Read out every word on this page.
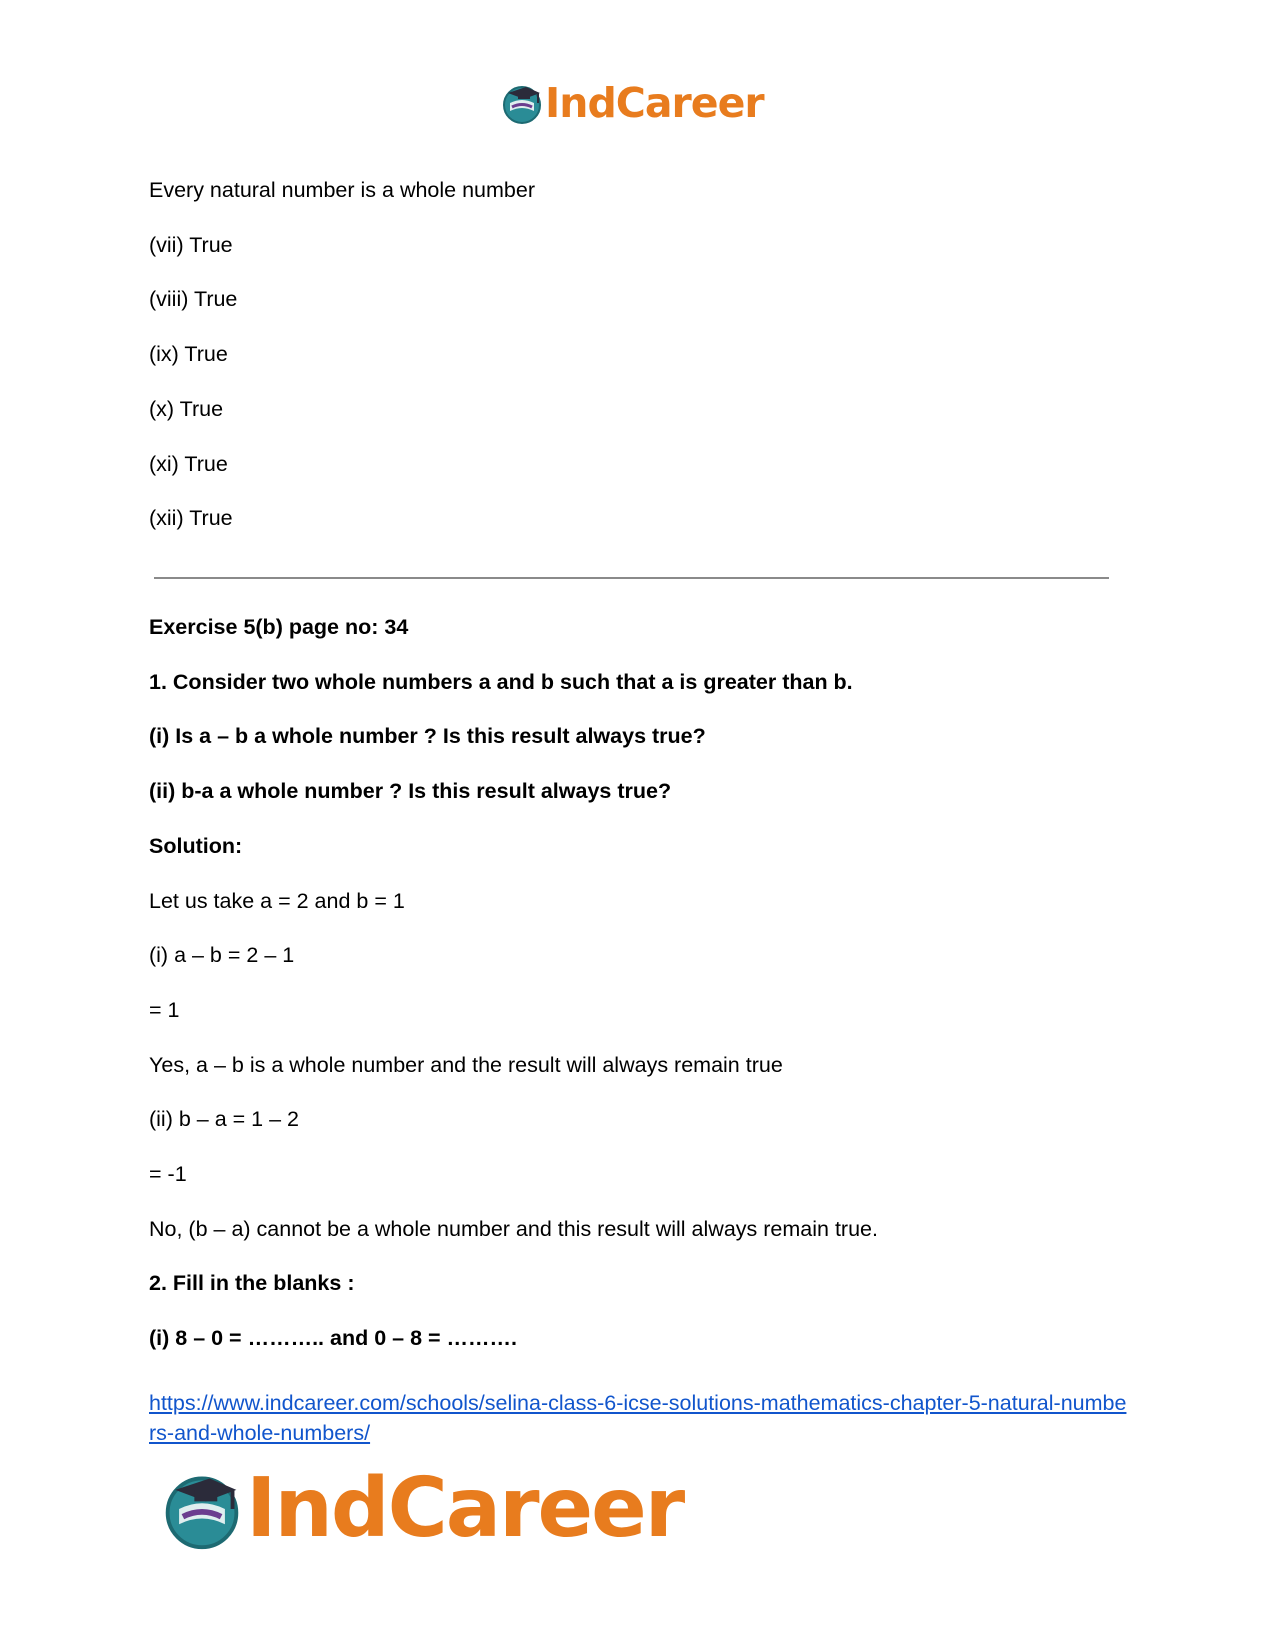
IndCareer
Every natural number is a whole number
(vii) True
(viii) True
(ix) True
(x) True
(xi) True
(xii) True
Exercise 5(b) page no: 34
1. Consider two whole numbers a and b such that a is greater than b.
(i) Is a – b a whole number ? Is this result always true?
(ii) b-a a whole number ? Is this result always true?
Solution:
Let us take a = 2 and b = 1
(i) a – b = 2 – 1
= 1
Yes, a – b is a whole number and the result will always remain true
(ii) b – a = 1 – 2
= -1
No, (b – a) cannot be a whole number and this result will always remain true.
2. Fill in the blanks :
(i) 8 – 0 = ……….. and 0 – 8 = ……….
https://www.indcareer.com/schools/selina-class-6-icse-solutions-mathematics-chapter-5-natural-numbers-and-whole-numbers/
IndCareer
